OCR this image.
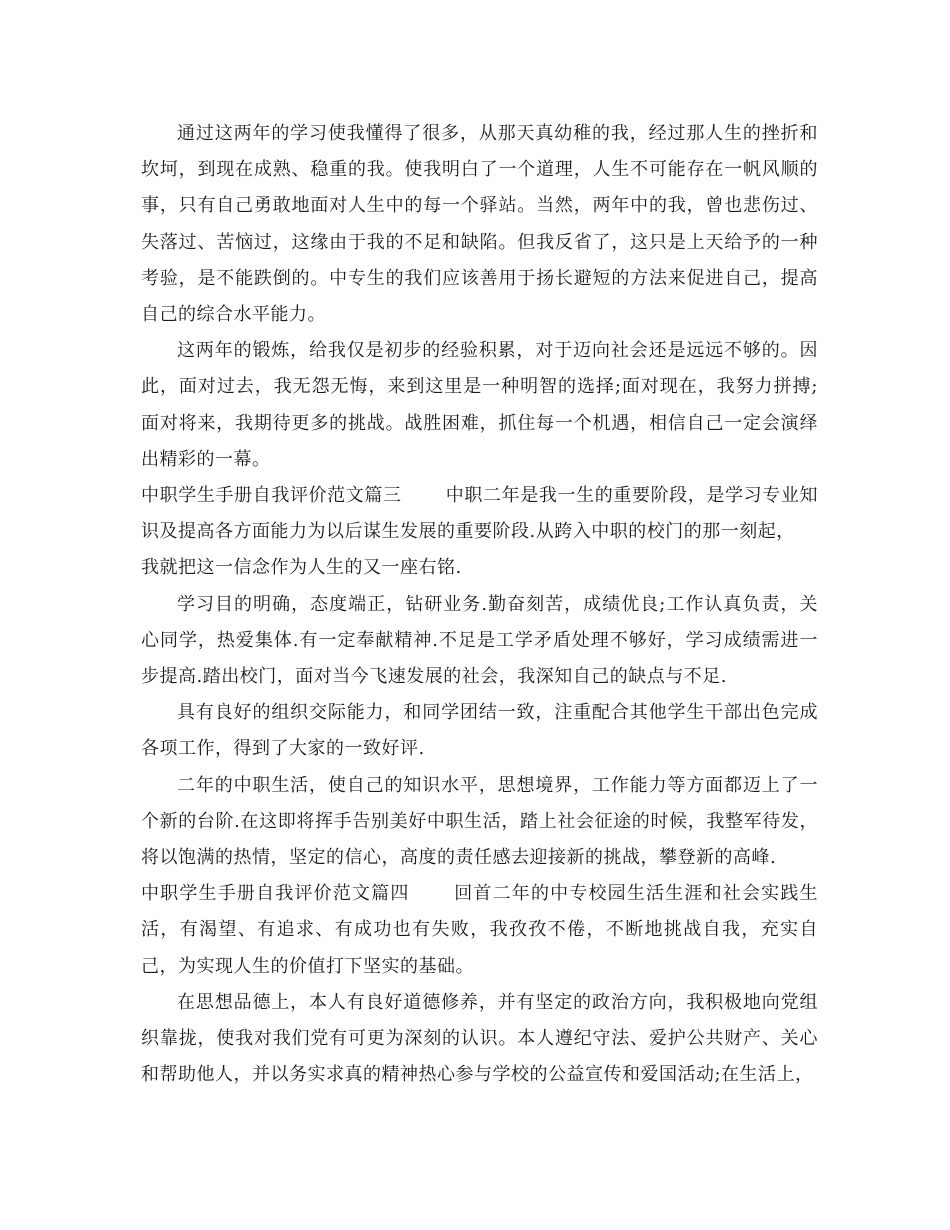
通过这两年的学习使我懂得了很多，从那天真幼稚的我，经过那人生的挫折和坎坷，到现在成熟、稳重的我。使我明白了一个道理，人生不可能存在一帆风顺的事，只有自己勇敢地面对人生中的每一个驿站。当然，两年中的我，曾也悲伤过、失落过、苦恼过，这缘由于我的不足和缺陷。但我反省了，这只是上天给予的一种考验，是不能跌倒的。中专生的我们应该善用于扬长避短的方法来促进自己，提高自己的综合水平能力。

这两年的锻炼，给我仅是初步的经验积累，对于迈向社会还是远远不够的。因此，面对过去，我无怨无悔，来到这里是一种明智的选择;面对现在，我努力拼搏;面对将来，我期待更多的挑战。战胜困难，抓住每一个机遇，相信自己一定会演绎出精彩的一幕。

中职学生手册自我评价范文篇三 中职二年是我一生的重要阶段，是学习专业知识及提高各方面能力为以后谋生发展的重要阶段.从跨入中职的校门的那一刻起，
我就把这一信念作为人生的又一座右铭.

学习目的明确，态度端正，钻研业务.勤奋刻苦，成绩优良;工作认真负责，关心同学，热爱集体.有一定奉献精神.不足是工学矛盾处理不够好，学习成绩需进一步提高.踏出校门，面对当今飞速发展的社会，我深知自己的缺点与不足.

具有良好的组织交际能力，和同学团结一致，注重配合其他学生干部出色完成各项工作，得到了大家的一致好评.

二年的中职生活，使自己的知识水平，思想境界，工作能力等方面都迈上了一个新的台阶.在这即将挥手告别美好中职生活，踏上社会征途的时候，我整军待发，将以饱满的热情，坚定的信心，高度的责任感去迎接新的挑战，攀登新的高峰.

中职学生手册自我评价范文篇四 回首二年的中专校园生活生涯和社会实践生活，有渴望、有追求、有成功也有失败，我孜孜不倦，不断地挑战自我，充实自己，为实现人生的价值打下坚实的基础。

在思想品德上，本人有良好道德修养，并有坚定的政治方向，我积极地向党组织靠拢，使我对我们党有可更为深刻的认识。本人遵纪守法、爱护公共财产、关心和帮助他人，并以务实求真的精神热心参与学校的公益宣传和爱国活动;在生活上，
